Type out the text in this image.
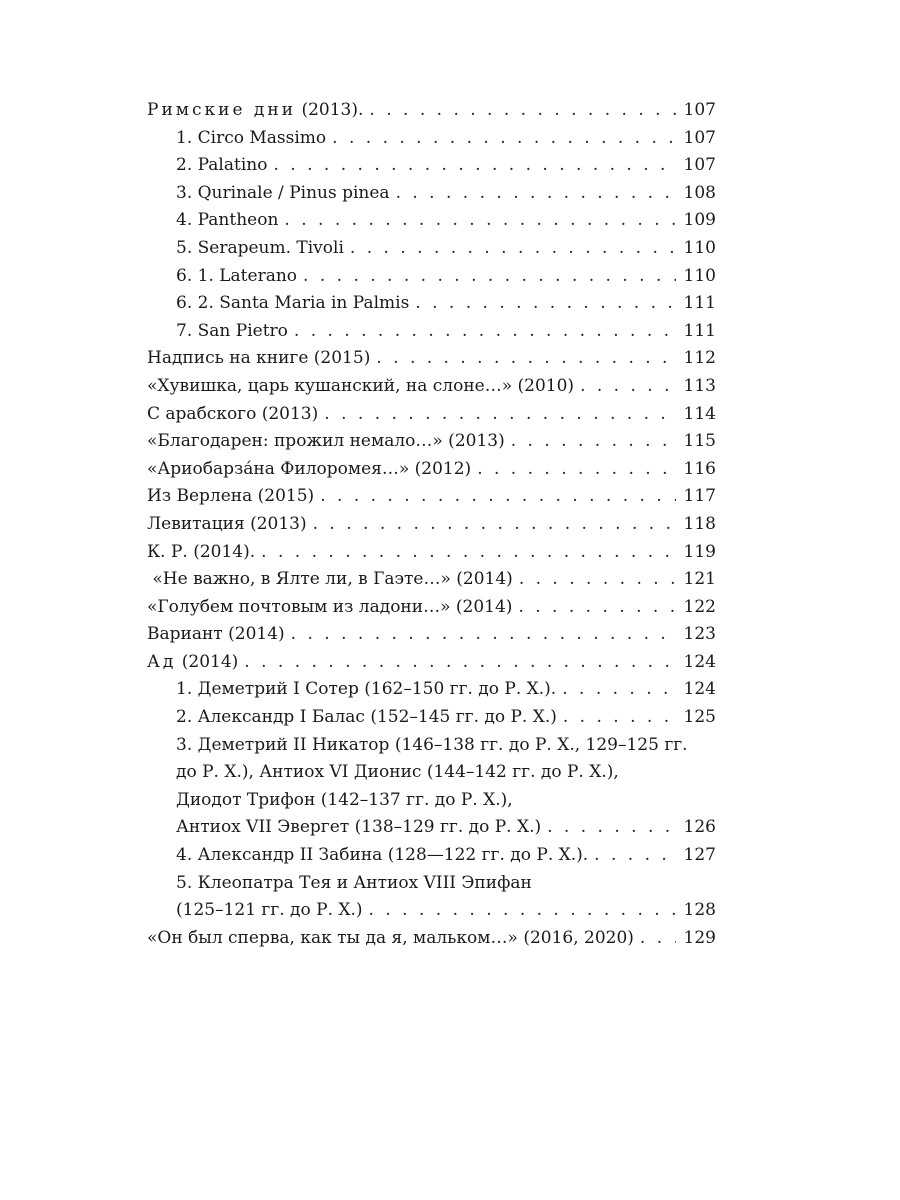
Римские дни (2013). . . .	107
1. Circo Massimo . . .	107
2. Palatino . . .	107
3. Qurinale / Pinus pinea . . .	108
4. Pantheon . . .	109
5. Serapeum. Tivoli . . .	110
6. 1. Laterano . . .	110
6. 2. Santa Maria in Palmis . . .	111
7. San Pietro . . .	111
Надпись на книге (2015) . . .	112
«Хувишка, царь кушанский, на слоне…» (2010) . . .	113
С арабского (2013) . . .	114
«Благодарен: прожил немало…» (2013) . . .	115
«Ариобарза́на Филоромея…» (2012) . . .	116
Из Верлена (2015) . . .	117
Левитация (2013) . . .	118
К. Р. (2014). . . .	119
«Не важно, в Ялте ли, в Гаэте…» (2014) . . .	121
«Голубем почтовым из ладони…» (2014) . . .	122
Вариант (2014) . . .	123
Ад (2014) . . .	124
1. Деметрий I Сотер (162–150 гг. до Р. Х.). . . .	124
2. Александр I Балас (152–145 гг. до Р. Х.) . . .	125
3. Деметрий II Никатор (146–138 гг. до Р. Х., 129–125 гг.
до Р. Х.), Антиох VI Дионис (144–142 гг. до Р. Х.),
Диодот Трифон (142–137 гг. до Р. Х.),
Антиох VII Эвергет (138–129 гг. до Р. Х.) . . .	126
4. Александр II Забина (128—122 гг. до Р. Х.). . . .	127
5. Клеопатра Тея и Антиох VIII Эпифан
(125–121 гг. до Р. Х.) . . .	128
«Он был сперва, как ты да я, мальком…» (2016, 2020) . . .	129
